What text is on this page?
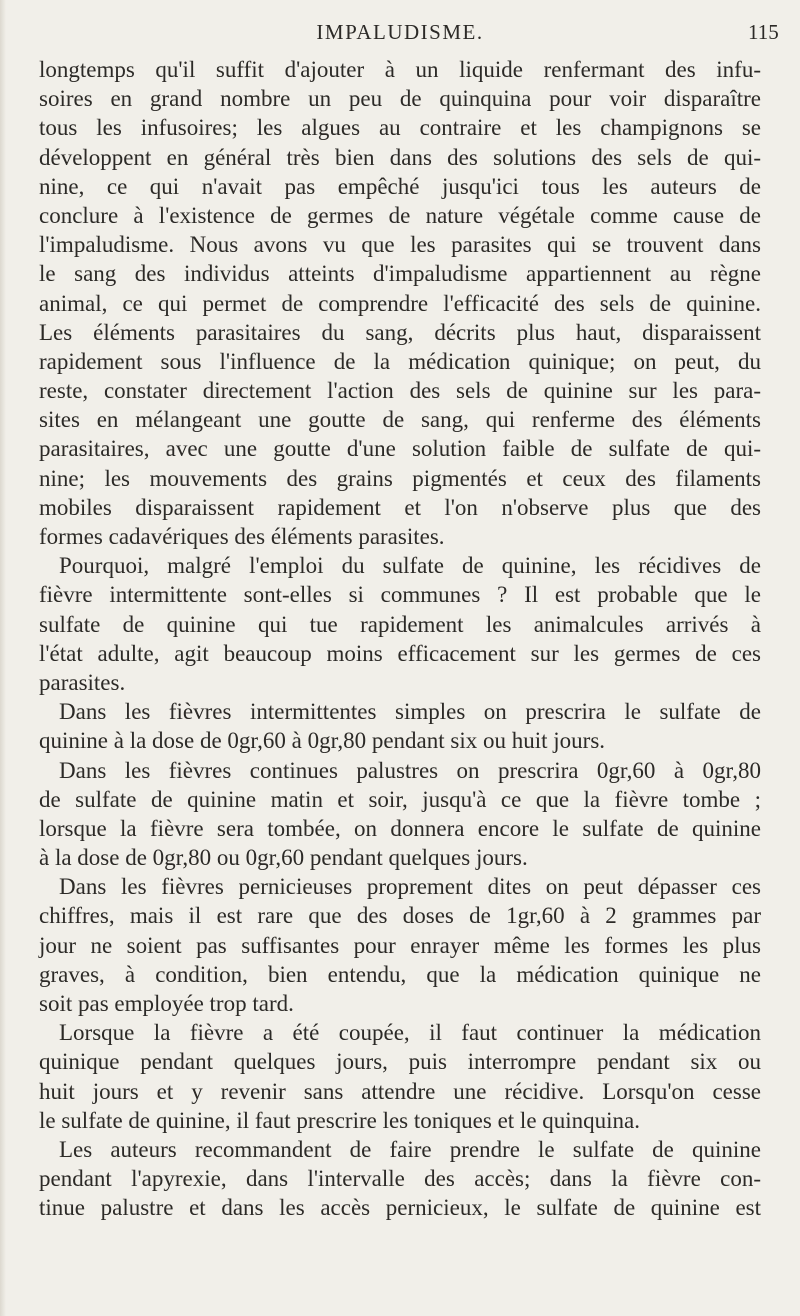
IMPALUDISME.	115
longtemps qu'il suffit d'ajouter à un liquide renfermant des infu-
soires en grand nombre un peu de quinquina pour voir disparaître
tous les infusoires; les algues au contraire et les champignons se
développent en général très bien dans des solutions des sels de qui-
nine, ce qui n'avait pas empêché jusqu'ici tous les auteurs de
conclure à l'existence de germes de nature végétale comme cause de
l'impaludisme. Nous avons vu que les parasites qui se trouvent dans
le sang des individus atteints d'impaludisme appartiennent au règne
animal, ce qui permet de comprendre l'efficacité des sels de quinine.
Les éléments parasitaires du sang, décrits plus haut, disparaissent
rapidement sous l'influence de la médication quinique; on peut, du
reste, constater directement l'action des sels de quinine sur les para-
sites en mélangeant une goutte de sang, qui renferme des éléments
parasitaires, avec une goutte d'une solution faible de sulfate de qui-
nine; les mouvements des grains pigmentés et ceux des filaments
mobiles disparaissent rapidement et l'on n'observe plus que des
formes cadavériques des éléments parasites.
Pourquoi, malgré l'emploi du sulfate de quinine, les récidives de
fièvre intermittente sont-elles si communes ? Il est probable que le
sulfate de quinine qui tue rapidement les animalcules arrivés à
l'état adulte, agit beaucoup moins efficacement sur les germes de ces
parasites.
Dans les fièvres intermittentes simples on prescrira le sulfate de
quinine à la dose de 0gr,60 à 0gr,80 pendant six ou huit jours.
Dans les fièvres continues palustres on prescrira 0gr,60 à 0gr,80
de sulfate de quinine matin et soir, jusqu'à ce que la fièvre tombe ;
lorsque la fièvre sera tombée, on donnera encore le sulfate de quinine
à la dose de 0gr,80 ou 0gr,60 pendant quelques jours.
Dans les fièvres pernicieuses proprement dites on peut dépasser ces
chiffres, mais il est rare que des doses de 1gr,60 à 2 grammes par
jour ne soient pas suffisantes pour enrayer même les formes les plus
graves, à condition, bien entendu, que la médication quinique ne
soit pas employée trop tard.
Lorsque la fièvre a été coupée, il faut continuer la médication
quinique pendant quelques jours, puis interrompre pendant six ou
huit jours et y revenir sans attendre une récidive. Lorsqu'on cesse
le sulfate de quinine, il faut prescrire les toniques et le quinquina.
Les auteurs recommandent de faire prendre le sulfate de quinine
pendant l'apyrexie, dans l'intervalle des accès; dans la fièvre con-
tinue palustre et dans les accès pernicieux, le sulfate de quinine est
